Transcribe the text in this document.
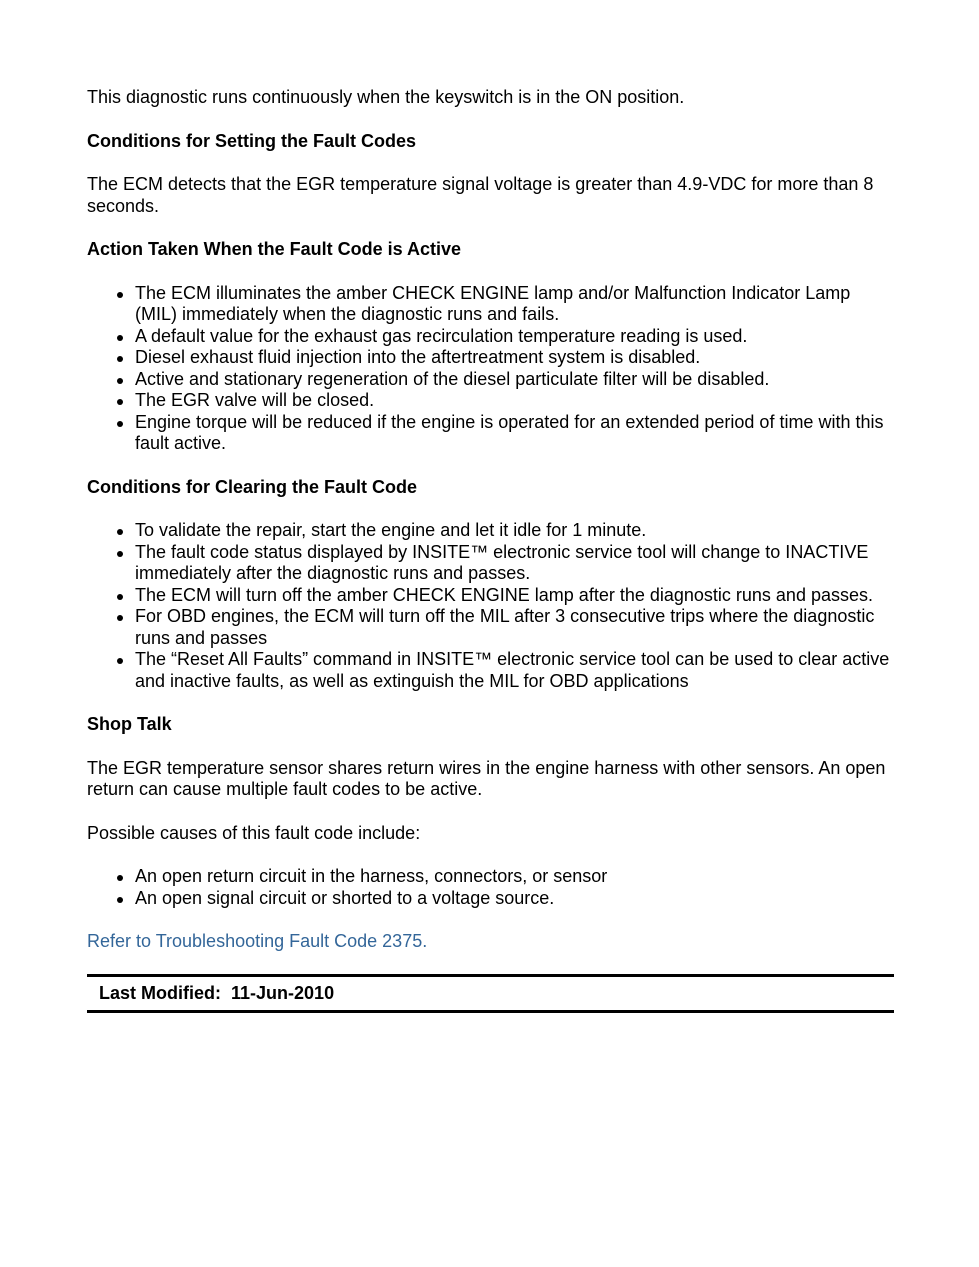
This diagnostic runs continuously when the keyswitch is in the ON position.

Conditions for Setting the Fault Codes

The ECM detects that the EGR temperature signal voltage is greater than 4.9-VDC for more than 8 seconds.

Action Taken When the Fault Code is Active

The ECM illuminates the amber CHECK ENGINE lamp and/or Malfunction Indicator Lamp (MIL) immediately when the diagnostic runs and fails.
A default value for the exhaust gas recirculation temperature reading is used.
Diesel exhaust fluid injection into the aftertreatment system is disabled.
Active and stationary regeneration of the diesel particulate filter will be disabled.
The EGR valve will be closed.
Engine torque will be reduced if the engine is operated for an extended period of time with this fault active.

Conditions for Clearing the Fault Code

To validate the repair, start the engine and let it idle for 1 minute.
The fault code status displayed by INSITE™ electronic service tool will change to INACTIVE immediately after the diagnostic runs and passes.
The ECM will turn off the amber CHECK ENGINE lamp after the diagnostic runs and passes.
For OBD engines, the ECM will turn off the MIL after 3 consecutive trips where the diagnostic runs and passes
The “Reset All Faults” command in INSITE™ electronic service tool can be used to clear active and inactive faults, as well as extinguish the MIL for OBD applications

Shop Talk

The EGR temperature sensor shares return wires in the engine harness with other sensors. An open return can cause multiple fault codes to be active.

Possible causes of this fault code include:

An open return circuit in the harness, connectors, or sensor
An open signal circuit or shorted to a voltage source.
Refer to Troubleshooting Fault Code 2375.
Last Modified: 11-Jun-2010
